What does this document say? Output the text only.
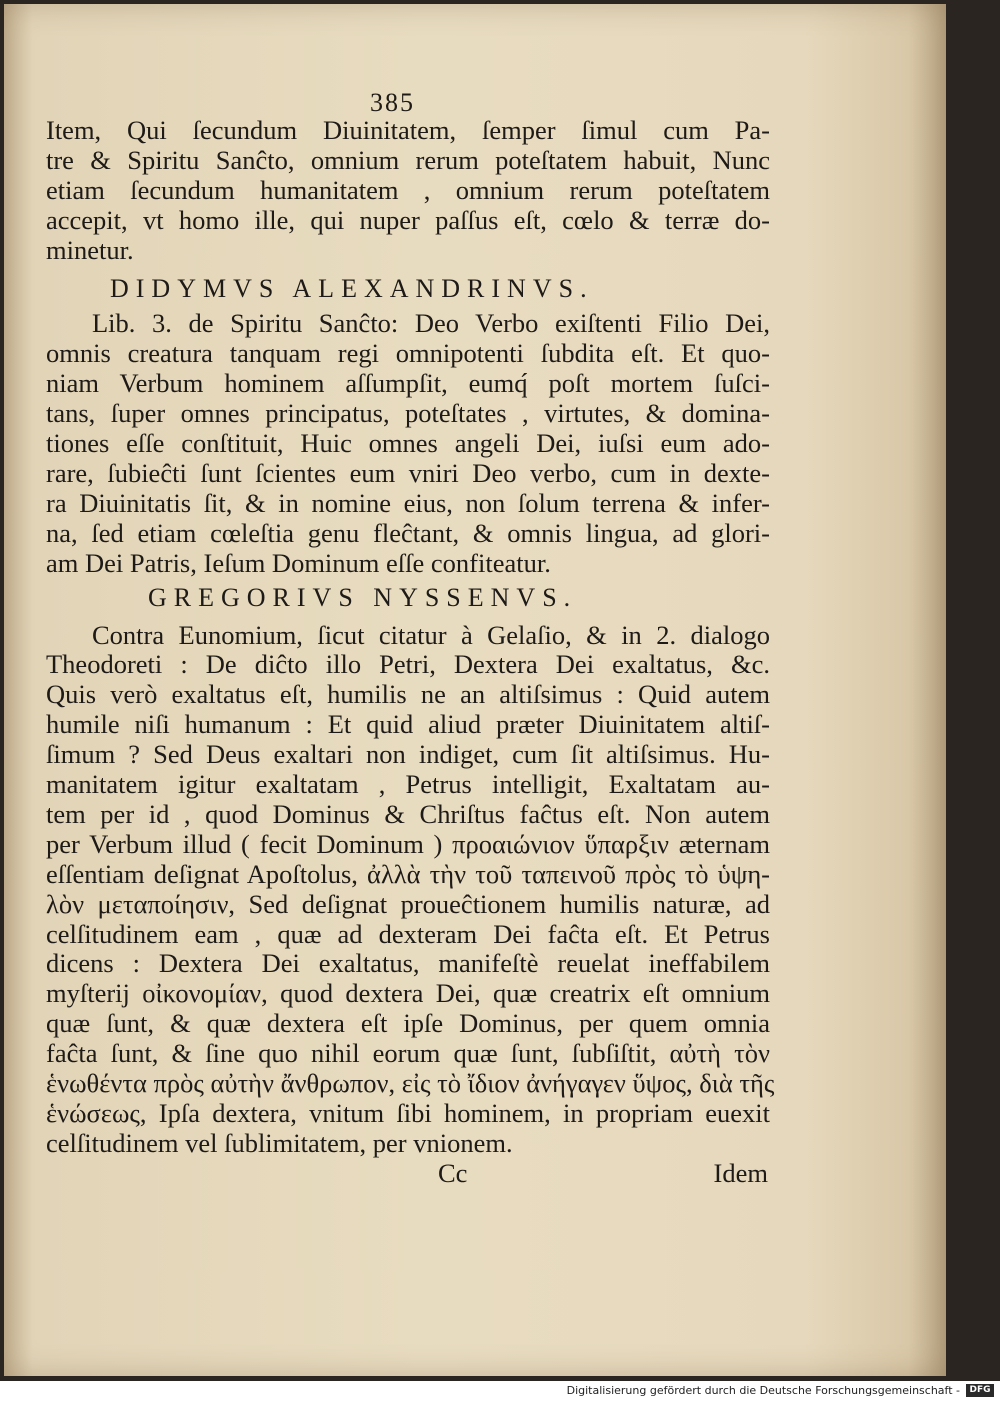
385
Item, Qui ſecundum Diuinitatem, ſemper ſimul cum Pa-
tre & Spiritu Sanĉto, omnium rerum poteſtatem habuit, Nunc
etiam ſecundum humanitatem , omnium rerum poteſtatem
accepit, vt homo ille, qui nuper paſſus eſt, cœlo & terræ do-
minetur.
DIDYMVS ALEXANDRINVS.
Lib. 3. de Spiritu Sanĉto: Deo Verbo exiſtenti Filio Dei,
omnis creatura tanquam regi omnipotenti ſubdita eſt. Et quo-
niam Verbum hominem aſſumpſit, eumq́ poſt mortem ſuſci-
tans, ſuper omnes principatus, poteſtates , virtutes, & domina-
tiones eſſe conſtituit, Huic omnes angeli Dei, iuſsi eum ado-
rare, ſubieĉti ſunt ſcientes eum vniri Deo verbo, cum in dexte-
ra Diuinitatis ſit, & in nomine eius, non ſolum terrena & infer-
na, ſed etiam cœleſtia genu fleĉtant, & omnis lingua, ad glori-
am Dei Patris, Ieſum Dominum eſſe confiteatur.
GREGORIVS NYSSENVS.
Contra Eunomium, ſicut citatur à Gelaſio, & in 2. dialogo
Theodoreti : De diĉto illo Petri, Dextera Dei exaltatus, &c.
Quis verò exaltatus eſt, humilis ne an altiſsimus : Quid autem
humile niſi humanum : Et quid aliud præter Diuinitatem altiſ-
ſimum ? Sed Deus exaltari non indiget, cum ſit altiſsimus. Hu-
manitatem igitur exaltatam , Petrus intelligit, Exaltatam au-
tem per id , quod Dominus & Chriſtus faĉtus eſt. Non autem
per Verbum illud ( fecit Dominum ) προαιώνιον ὕπαρξιν æternam
eſſentiam deſignat Apoſtolus, ἀλλὰ τὴν τοῦ ταπεινοῦ πρὸς τὸ ὑψη-
λὸν μεταποίησιν, Sed deſignat proueĉtionem humilis naturæ, ad
celſitudinem eam , quæ ad dexteram Dei faĉta eſt. Et Petrus
dicens : Dextera Dei exaltatus, manifeſtè reuelat ineffabilem
myſterij οἰκονομίαν, quod dextera Dei, quæ creatrix eſt omnium
quæ ſunt, & quæ dextera eſt ipſe Dominus, per quem omnia
faĉta ſunt, & ſine quo nihil eorum quæ ſunt, ſubſiſtit, αὐτὴ τὸν
ἑνωθέντα πρὸς αὐτὴν ἄνθρωπον, εἰς τὸ ἴδιον ἀνήγαγεν ὕψος, διὰ τῆς
ἑνώσεως, Ipſa dextera, vnitum ſibi hominem, in propriam euexit
celſitudinem vel ſublimitatem, per vnionem.
Cc	Idem
Digitalisierung gefördert durch die Deutsche Forschungsgemeinschaft -	DFG
